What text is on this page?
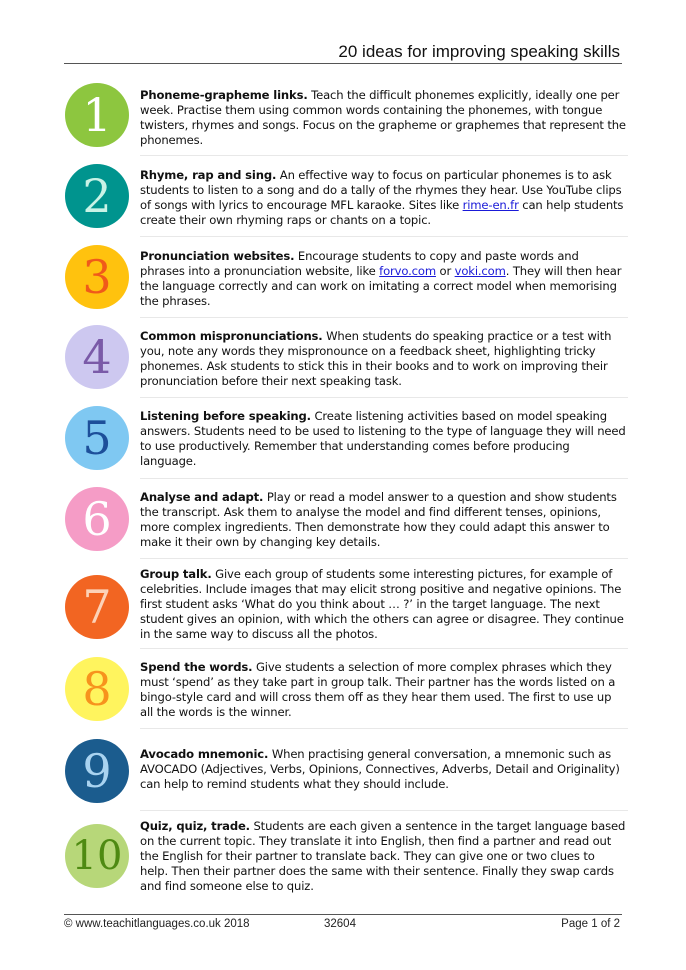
20 ideas for improving speaking skills
1	Phoneme-grapheme links. Teach the difficult phonemes explicitly, ideally one per week. Practise them using common words containing the phonemes, with tongue twisters, rhymes and songs. Focus on the grapheme or graphemes that represent the phonemes.
2	Rhyme, rap and sing. An effective way to focus on particular phonemes is to ask students to listen to a song and do a tally of the rhymes they hear. Use YouTube clips of songs with lyrics to encourage MFL karaoke. Sites like rime-en.fr can help students create their own rhyming raps or chants on a topic.
3	Pronunciation websites. Encourage students to copy and paste words and phrases into a pronunciation website, like forvo.com or voki.com. They will then hear the language correctly and can work on imitating a correct model when memorising the phrases.
4	Common mispronunciations. When students do speaking practice or a test with you, note any words they mispronounce on a feedback sheet, highlighting tricky phonemes. Ask students to stick this in their books and to work on improving their pronunciation before their next speaking task.
5	Listening before speaking. Create listening activities based on model speaking answers. Students need to be used to listening to the type of language they will need to use productively. Remember that understanding comes before producing language.
6	Analyse and adapt. Play or read a model answer to a question and show students the transcript. Ask them to analyse the model and find different tenses, opinions, more complex ingredients. Then demonstrate how they could adapt this answer to make it their own by changing key details.
7
Group talk. Give each group of students some interesting pictures, for example of celebrities. Include images that may elicit strong positive and negative opinions. The first student asks ‘What do you think about … ?’ in the target language. The next student gives an opinion, with which the others can agree or disagree. They continue in the same way to discuss all the photos.
8	Spend the words. Give students a selection of more complex phrases which they must ‘spend’ as they take part in group talk. Their partner has the words listed on a bingo-style card and will cross them off as they hear them used. The first to use up all the words is the winner.
9	Avocado mnemonic. When practising general conversation, a mnemonic such as AVOCADO (Adjectives, Verbs, Opinions, Connectives, Adverbs, Detail and Originality) can help to remind students what they should include.
10
Quiz, quiz, trade. Students are each given a sentence in the target language based on the current topic. They translate it into English, then find a partner and read out the English for their partner to translate back. They can give one or two clues to help. Then their partner does the same with their sentence. Finally they swap cards and find someone else to quiz.
© www.teachitlanguages.co.uk 2018	32604	Page 1 of 2
